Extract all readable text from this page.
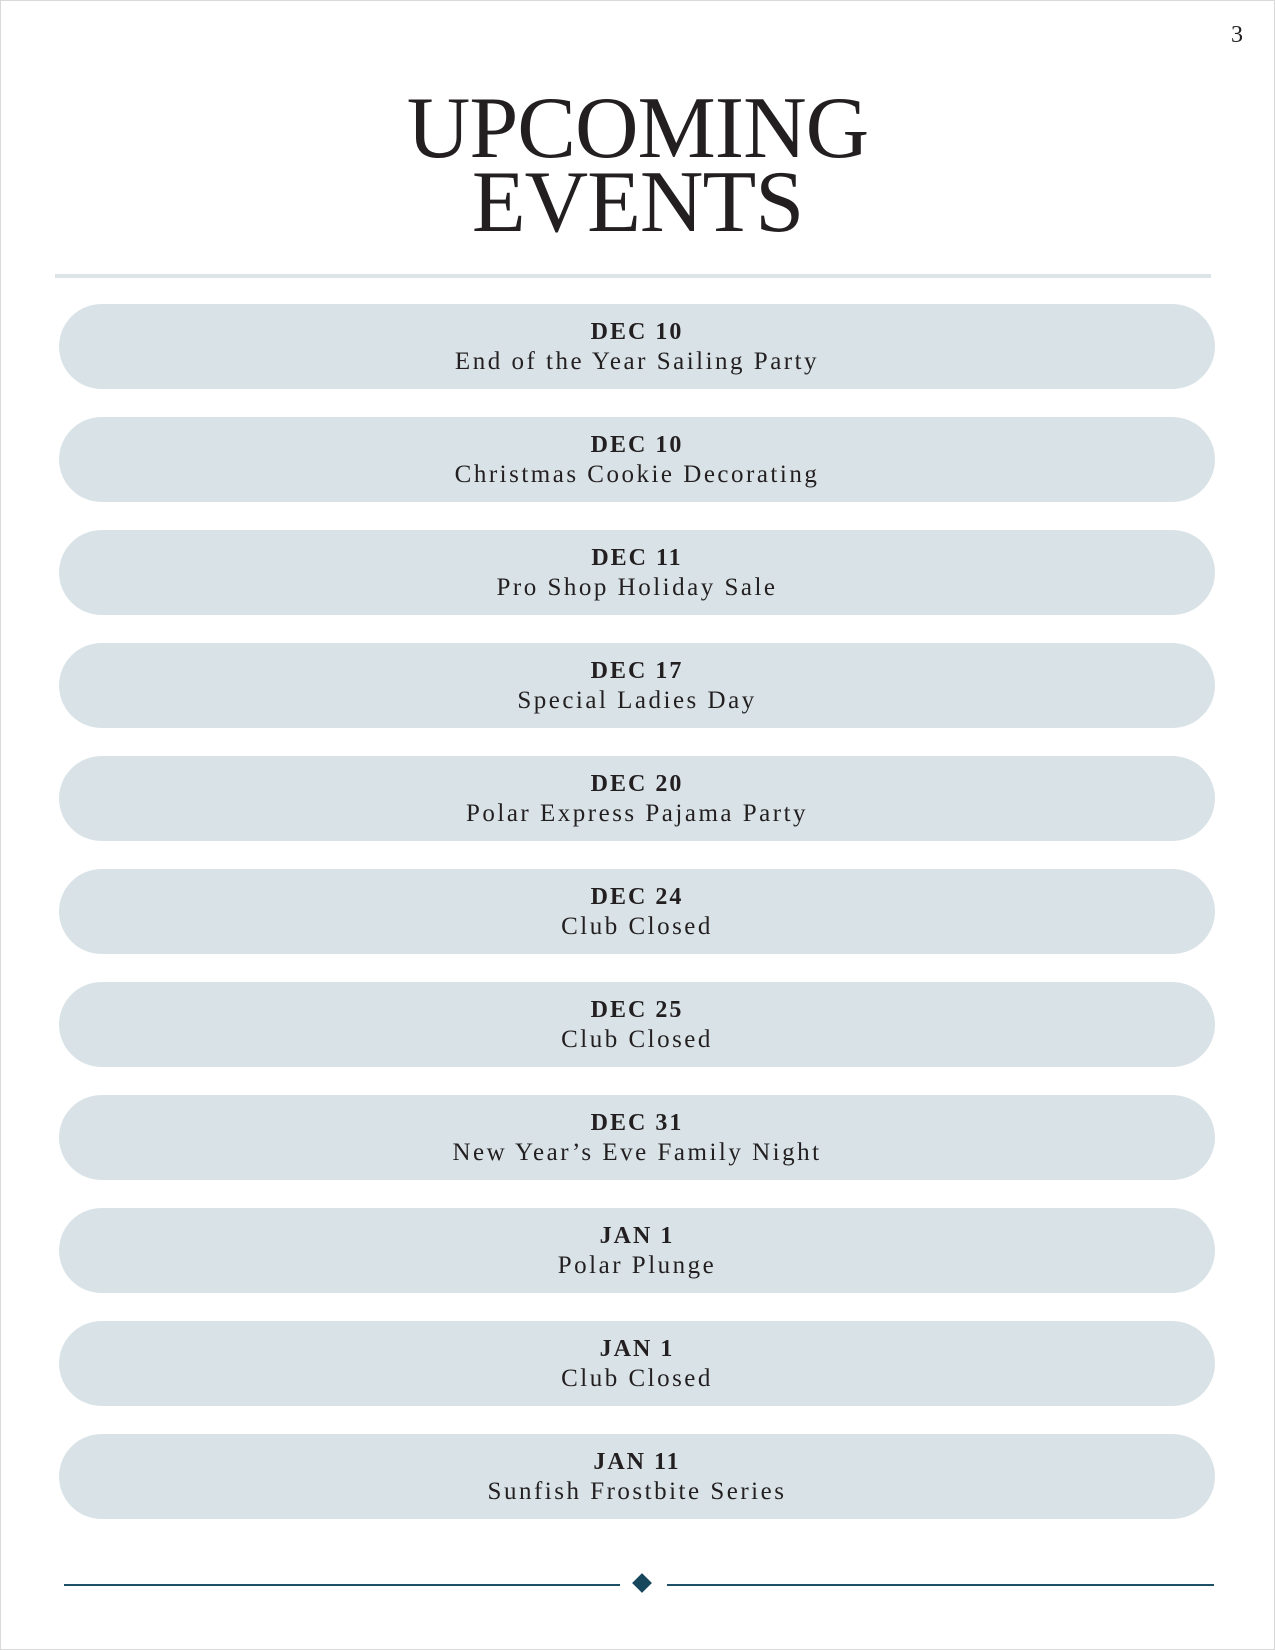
3
UPCOMING
EVENTS
DEC 10
End of the Year Sailing Party
DEC 10
Christmas Cookie Decorating
DEC 11
Pro Shop Holiday Sale
DEC 17
Special Ladies Day
DEC 20
Polar Express Pajama Party
DEC 24
Club Closed
DEC 25
Club Closed
DEC 31
New Year’s Eve Family Night
JAN 1
Polar Plunge
JAN 1
Club Closed
JAN 11
Sunfish Frostbite Series
